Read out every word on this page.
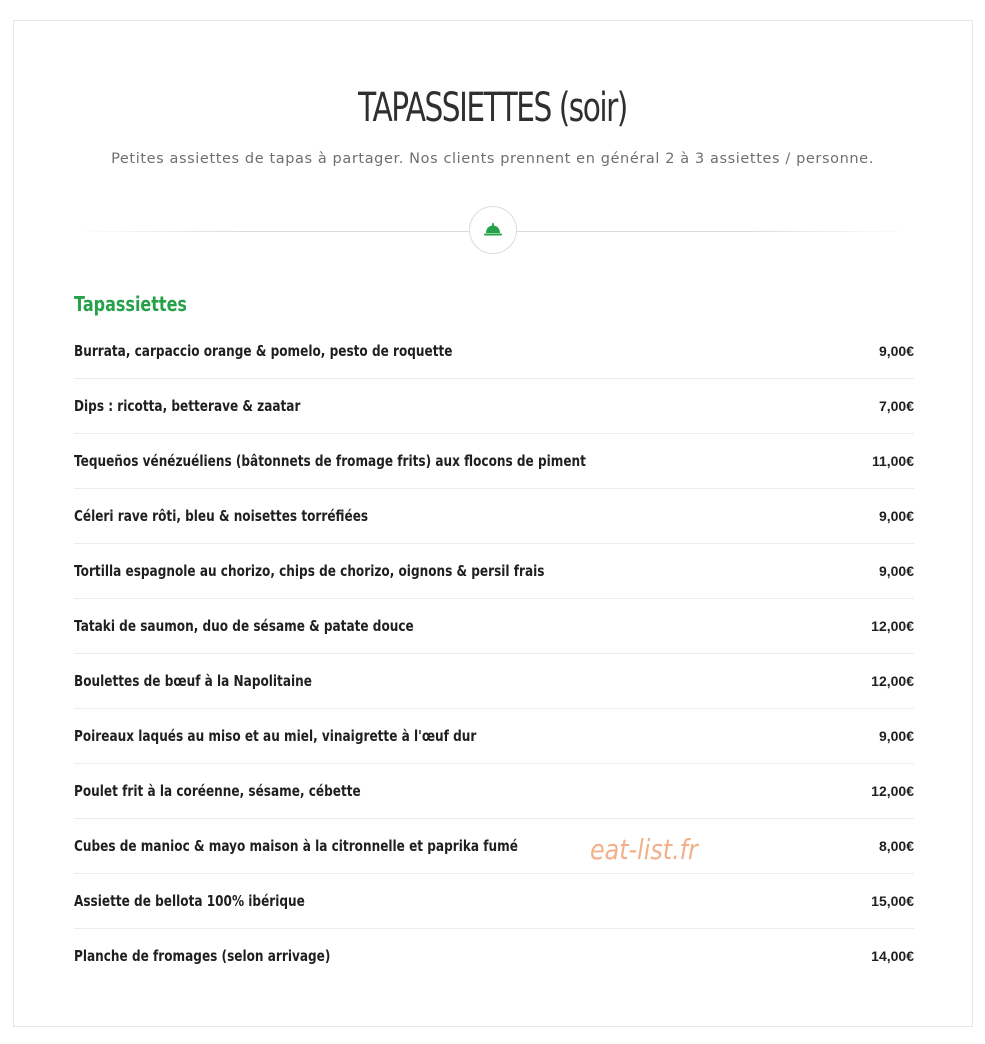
TAPASSIETTES (soir)

Petites assiettes de tapas à partager. Nos clients prennent en général 2 à 3 assiettes / personne.

Tapassiettes
Burrata, carpaccio orange & pomelo, pesto de roquette	9,00€
Dips : ricotta, betterave & zaatar	7,00€
Tequeños vénézuéliens (bâtonnets de fromage frits) aux flocons de piment	11,00€
Céleri rave rôti, bleu & noisettes torréfiées	9,00€
Tortilla espagnole au chorizo, chips de chorizo, oignons & persil frais	9,00€
Tataki de saumon, duo de sésame & patate douce	12,00€
Boulettes de bœuf à la Napolitaine	12,00€
Poireaux laqués au miso et au miel, vinaigrette à l'œuf dur	9,00€
Poulet frit à la coréenne, sésame, cébette	12,00€
Cubes de manioc & mayo maison à la citronnelle et paprika fumé	8,00€
Assiette de bellota 100% ibérique	15,00€
Planche de fromages (selon arrivage)	14,00€
eat-list.fr
